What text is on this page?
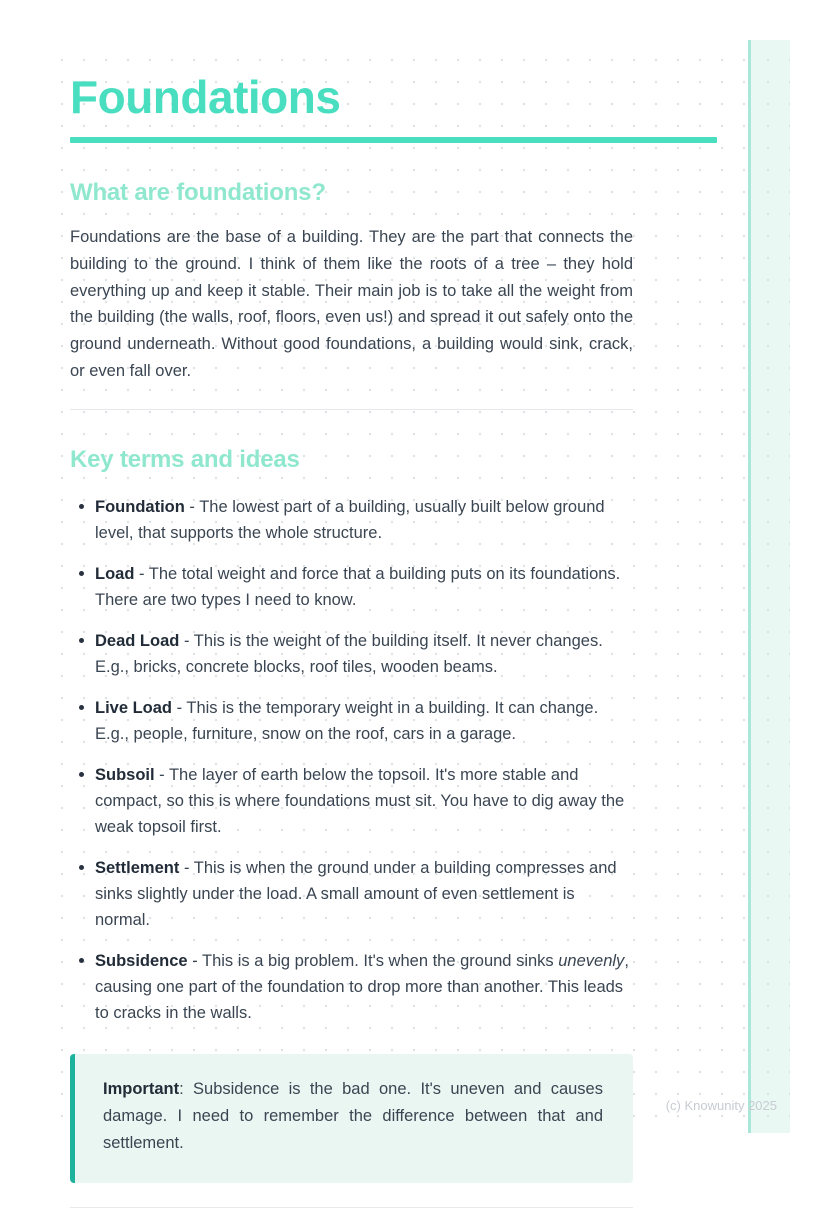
Foundations
What are foundations?

Foundations are the base of a building. They are the part that connects the building to the ground. I think of them like the roots of a tree – they hold everything up and keep it stable. Their main job is to take all the weight from the building (the walls, roof, floors, even us!) and spread it out safely onto the ground underneath. Without good foundations, a building would sink, crack, or even fall over.

Key terms and ideas
Foundation - The lowest part of a building, usually built below ground level, that supports the whole structure.
Load - The total weight and force that a building puts on its foundations. There are two types I need to know.
Dead Load - This is the weight of the building itself. It never changes. E.g., bricks, concrete blocks, roof tiles, wooden beams.
Live Load - This is the temporary weight in a building. It can change. E.g., people, furniture, snow on the roof, cars in a garage.
Subsoil - The layer of earth below the topsoil. It's more stable and compact, so this is where foundations must sit. You have to dig away the weak topsoil first.
Settlement - This is when the ground under a building compresses and sinks slightly under the load. A small amount of even settlement is normal.
Subsidence - This is a big problem. It's when the ground sinks unevenly, causing one part of the foundation to drop more than another. This leads to cracks in the walls.

Important: Subsidence is the bad one. It's uneven and causes damage. I need to remember the difference between that and settlement.

(c) Knowunity 2025
